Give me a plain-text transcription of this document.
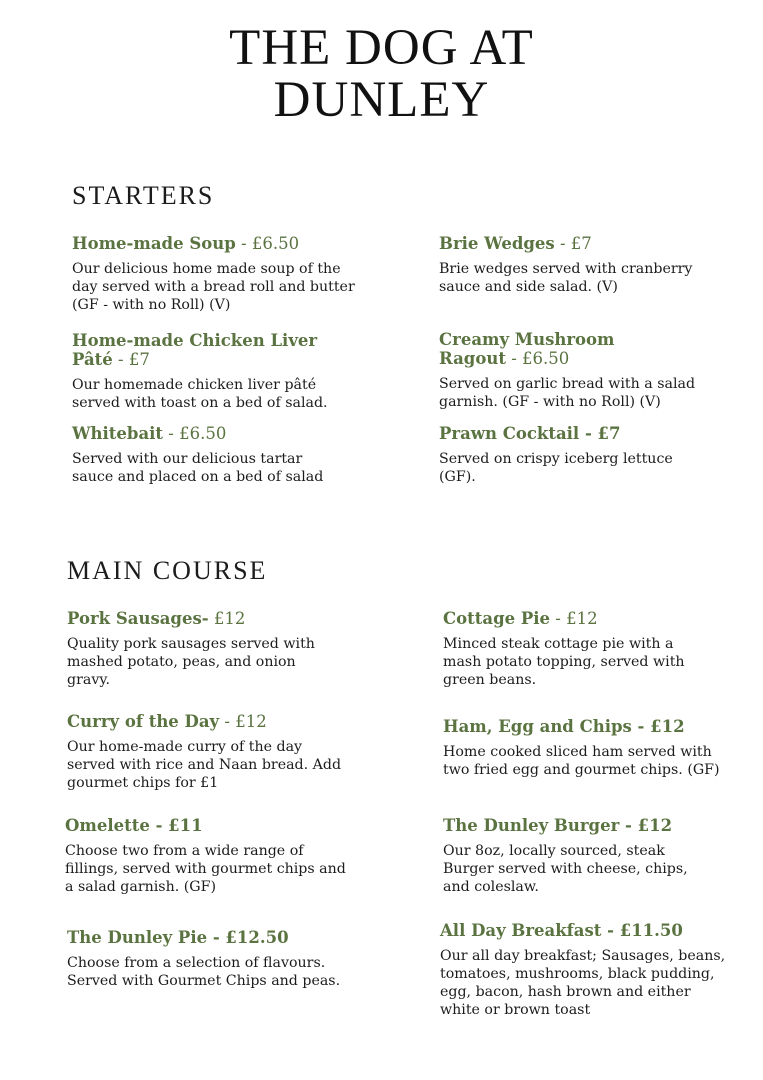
THE DOG AT
DUNLEY
STARTERS

Home-made Soup - £6.50

Our delicious home made soup of the
day served with a bread roll and butter
(GF - with no Roll) (V)

Brie Wedges - £7

Brie wedges served with cranberry
sauce and side salad. (V)

Home-made Chicken Liver
Pâté - £7

Our homemade chicken liver pâté
served with toast on a bed of salad.

Creamy Mushroom
Ragout - £6.50

Served on garlic bread with a salad
garnish. (GF - with no Roll) (V)

Whitebait - £6.50

Served with our delicious tartar
sauce and placed on a bed of salad

Prawn Cocktail - £7

Served on crispy iceberg lettuce
(GF).

MAIN COURSE

Pork Sausages- £12

Quality pork sausages served with
mashed potato, peas, and onion
gravy.

Cottage Pie - £12

Minced steak cottage pie with a
mash potato topping, served with
green beans.

Curry of the Day - £12

Our home-made curry of the day
served with rice and Naan bread. Add
gourmet chips for £1

Ham, Egg and Chips - £12

Home cooked sliced ham served with
two fried egg and gourmet chips. (GF)

Omelette - £11

Choose two from a wide range of
fillings, served with gourmet chips and
a salad garnish. (GF)

The Dunley Burger - £12

Our 8oz, locally sourced, steak
Burger served with cheese, chips,
and coleslaw.

The Dunley Pie - £12.50

Choose from a selection of flavours.
Served with Gourmet Chips and peas.

All Day Breakfast - £11.50

Our all day breakfast; Sausages, beans,
tomatoes, mushrooms, black pudding,
egg, bacon, hash brown and either
white or brown toast
